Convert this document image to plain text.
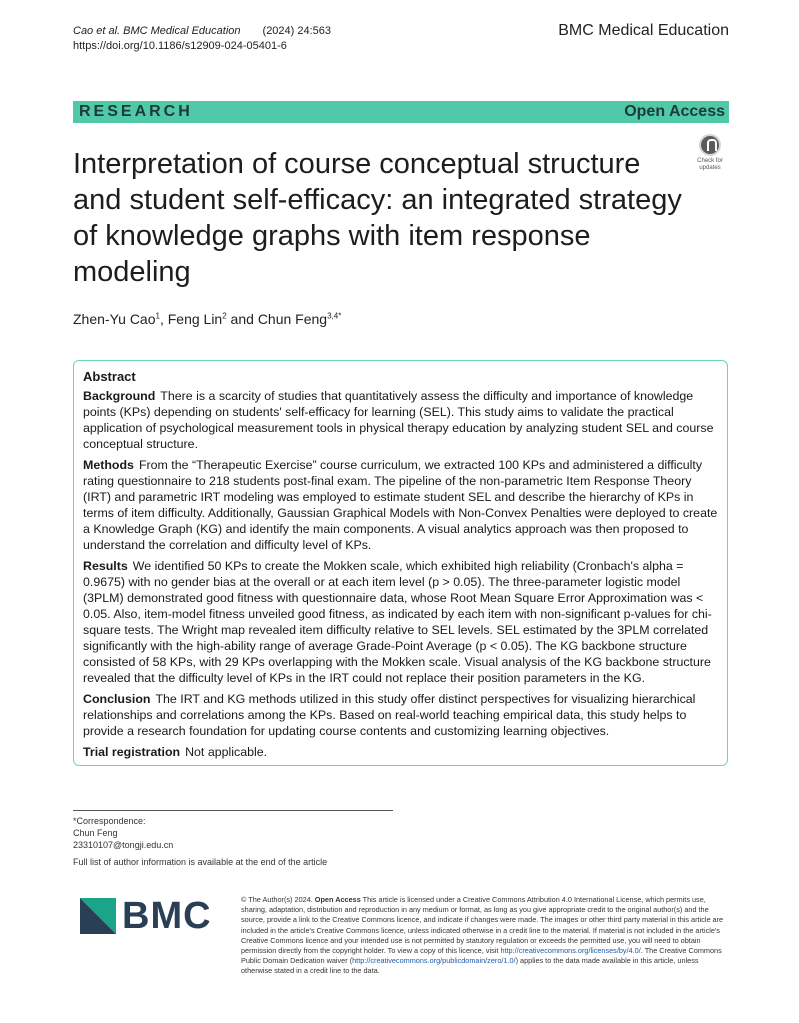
Cao et al. BMC Medical Education (2024) 24:563
https://doi.org/10.1186/s12909-024-05401-6
BMC Medical Education
RESEARCH	Open Access
Interpretation of course conceptual structure and student self-efficacy: an integrated strategy of knowledge graphs with item response modeling
Check for
updates
Zhen-Yu Cao$^1$, Feng Lin$^2$ and Chun Feng$^{3,4*}$
Abstract

Background There is a scarcity of studies that quantitatively assess the difficulty and importance of knowledge points (KPs) depending on students' self-efficacy for learning (SEL). This study aims to validate the practical application of psychological measurement tools in physical therapy education by analyzing student SEL and course conceptual structure.

Methods From the “Therapeutic Exercise” course curriculum, we extracted 100 KPs and administered a difficulty rating questionnaire to 218 students post-final exam. The pipeline of the non-parametric Item Response Theory (IRT) and parametric IRT modeling was employed to estimate student SEL and describe the hierarchy of KPs in terms of item difficulty. Additionally, Gaussian Graphical Models with Non-Convex Penalties were deployed to create a Knowledge Graph (KG) and identify the main components. A visual analytics approach was then proposed to understand the correlation and difficulty level of KPs.

Results We identified 50 KPs to create the Mokken scale, which exhibited high reliability (Cronbach's alpha = 0.9675) with no gender bias at the overall or at each item level (p > 0.05). The three-parameter logistic model (3PLM) demonstrated good fitness with questionnaire data, whose Root Mean Square Error Approximation was < 0.05. Also, item-model fitness unveiled good fitness, as indicated by each item with non-significant p-values for chi-square tests. The Wright map revealed item difficulty relative to SEL levels. SEL estimated by the 3PLM correlated significantly with the high-ability range of average Grade-Point Average (p < 0.05). The KG backbone structure consisted of 58 KPs, with 29 KPs overlapping with the Mokken scale. Visual analysis of the KG backbone structure revealed that the difficulty level of KPs in the IRT could not replace their position parameters in the KG.

Conclusion The IRT and KG methods utilized in this study offer distinct perspectives for visualizing hierarchical relationships and correlations among the KPs. Based on real-world teaching empirical data, this study helps to provide a research foundation for updating course contents and customizing learning objectives.

Trial registration Not applicable.

*Correspondence:
Chun Feng
23310107@tongji.edu.cn
Full list of author information is available at the end of the article
BMC	© The Author(s) 2024. Open Access This article is licensed under a Creative Commons Attribution 4.0 International License, which permits use, sharing, adaptation, distribution and reproduction in any medium or format, as long as you give appropriate credit to the original author(s) and the source, provide a link to the Creative Commons licence, and indicate if changes were made. The images or other third party material in this article are included in the article's Creative Commons licence, unless indicated otherwise in a credit line to the material. If material is not included in the article's Creative Commons licence and your intended use is not permitted by statutory regulation or exceeds the permitted use, you will need to obtain permission directly from the copyright holder. To view a copy of this licence, visit http://creativecommons.org/licenses/by/4.0/. The Creative Commons Public Domain Dedication waiver (http://creativecommons.org/publicdomain/zero/1.0/) applies to the data made available in this article, unless otherwise stated in a credit line to the data.
